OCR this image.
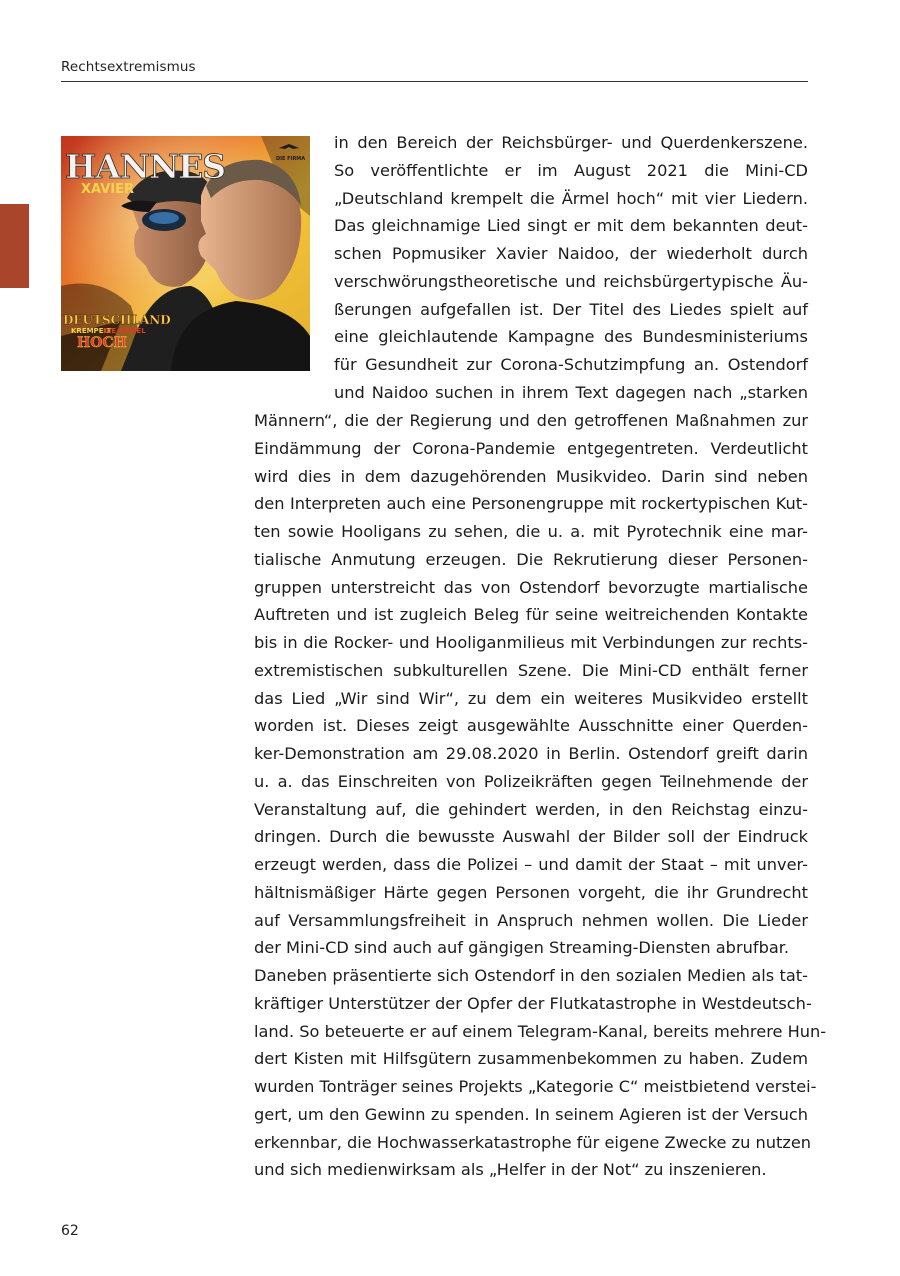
Rechtsextremismus
HANNES
XAVIER
DIE FIRMA
DEUTSCHLAND
KREMPELT
DIE ÄRMEL
HOCH
in den Bereich der Reichsbürger- und Querdenkerszene.
So veröffentlichte er im August 2021 die Mini-CD
„Deutschland krempelt die Ärmel hoch“ mit vier Liedern.
Das gleichnamige Lied singt er mit dem bekannten deut-
schen Popmusiker Xavier Naidoo, der wiederholt durch
verschwörungstheoretische und reichsbürgertypische Äu-
ßerungen aufgefallen ist. Der Titel des Liedes spielt auf
eine gleichlautende Kampagne des Bundesministeriums
für Gesundheit zur Corona-Schutzimpfung an. Ostendorf
und Naidoo suchen in ihrem Text dagegen nach „starken
Männern“, die der Regierung und den getroffenen Maßnahmen zur
Eindämmung der Corona-Pandemie entgegentreten. Verdeutlicht
wird dies in dem dazugehörenden Musikvideo. Darin sind neben
den Interpreten auch eine Personengruppe mit rockertypischen Kut-
ten sowie Hooligans zu sehen, die u. a. mit Pyrotechnik eine mar-
tialische Anmutung erzeugen. Die Rekrutierung dieser Personen-
gruppen unterstreicht das von Ostendorf bevorzugte martialische
Auftreten und ist zugleich Beleg für seine weitreichenden Kontakte
bis in die Rocker- und Hooliganmilieus mit Verbindungen zur rechts-
extremistischen subkulturellen Szene. Die Mini-CD enthält ferner
das Lied „Wir sind Wir“, zu dem ein weiteres Musikvideo erstellt
worden ist. Dieses zeigt ausgewählte Ausschnitte einer Querden-
ker-Demonstration am 29.08.2020 in Berlin. Ostendorf greift darin
u. a. das Einschreiten von Polizeikräften gegen Teilnehmende der
Veranstaltung auf, die gehindert werden, in den Reichstag einzu-
dringen. Durch die bewusste Auswahl der Bilder soll der Eindruck
erzeugt werden, dass die Polizei – und damit der Staat – mit unver-
hältnismäßiger Härte gegen Personen vorgeht, die ihr Grundrecht
auf Versammlungsfreiheit in Anspruch nehmen wollen. Die Lieder
der Mini-CD sind auch auf gängigen Streaming-Diensten abrufbar.
Daneben präsentierte sich Ostendorf in den sozialen Medien als tat-
kräftiger Unterstützer der Opfer der Flutkatastrophe in Westdeutsch-
land. So beteuerte er auf einem Telegram-Kanal, bereits mehrere Hun-
dert Kisten mit Hilfsgütern zusammenbekommen zu haben. Zudem
wurden Tonträger seines Projekts „Kategorie C“ meistbietend verstei-
gert, um den Gewinn zu spenden. In seinem Agieren ist der Versuch
erkennbar, die Hochwasserkatastrophe für eigene Zwecke zu nutzen
und sich medienwirksam als „Helfer in der Not“ zu inszenieren.
62
